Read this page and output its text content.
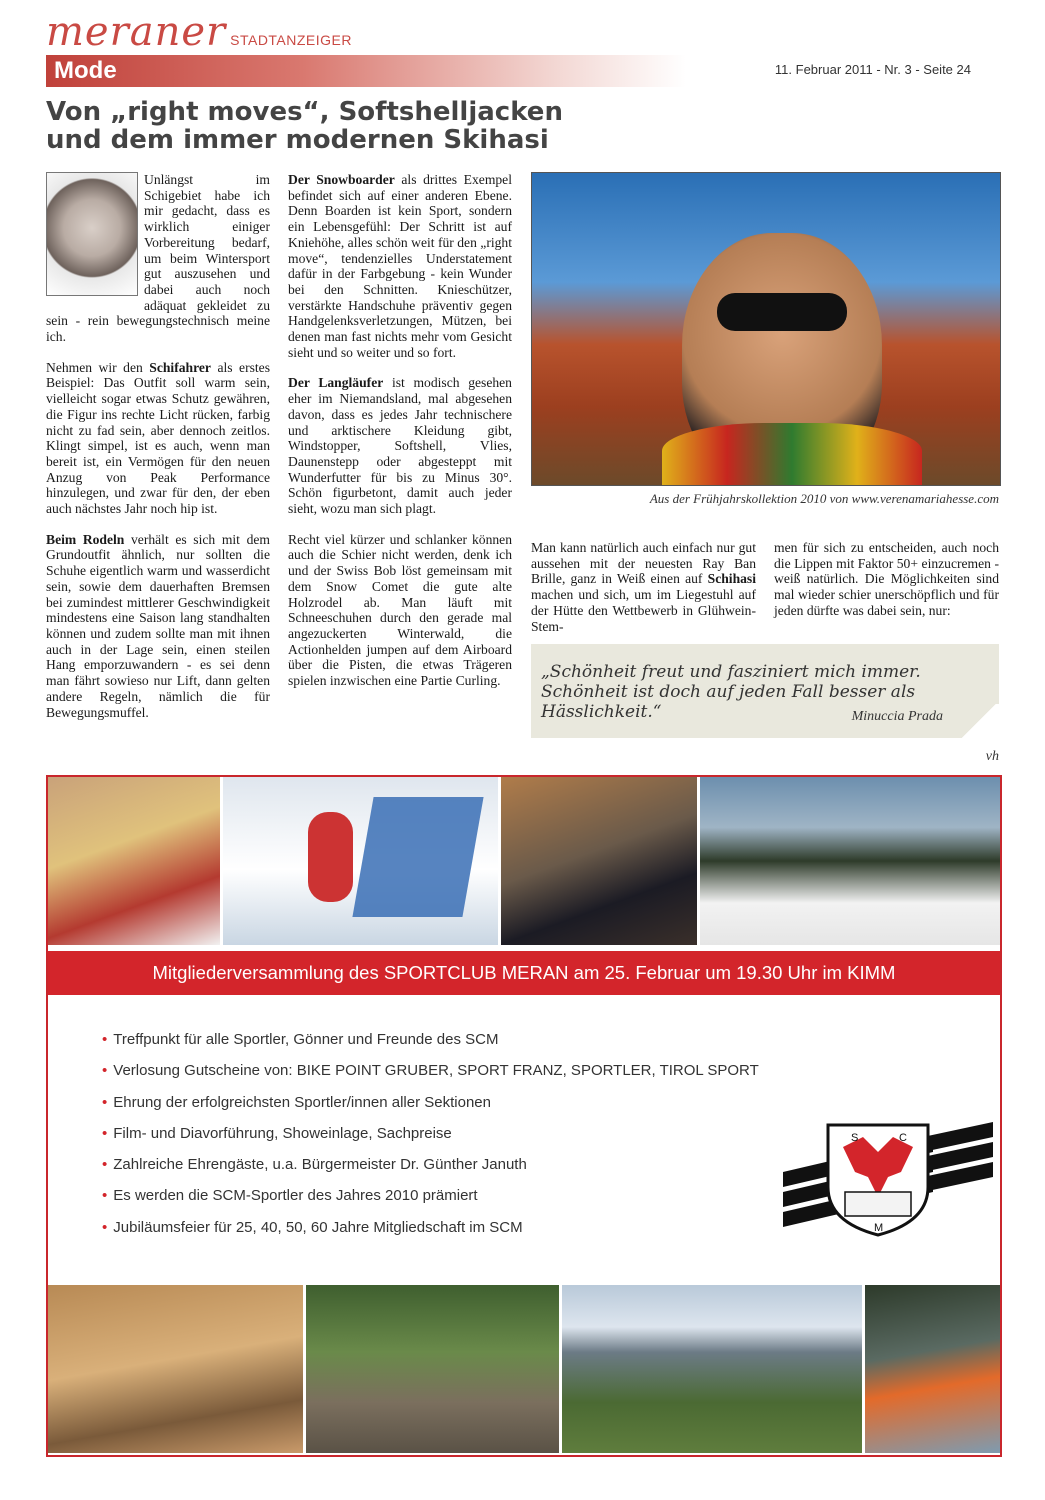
meraner STADTANZEIGER
Mode	11. Februar 2011 - Nr. 3 - Seite 24
Von „right moves“, Softshelljacken und dem immer modernen Skihasi

Unlängst im Schigebiet habe ich mir gedacht, dass es wirklich einiger Vorbereitung bedarf, um beim Wintersport gut auszusehen und dabei auch noch adäquat gekleidet zu sein - rein bewegungstechnisch meine ich.

Nehmen wir den Schifahrer als erstes Beispiel: Das Outfit soll warm sein, vielleicht sogar etwas Schutz gewähren, die Figur ins rechte Licht rücken, farbig nicht zu fad sein, aber dennoch zeitlos. Klingt simpel, ist es auch, wenn man bereit ist, ein Vermögen für den neuen Anzug von Peak Performance hinzulegen, und zwar für den, der eben auch nächstes Jahr noch hip ist.

Beim Rodeln verhält es sich mit dem Grundoutfit ähnlich, nur sollten die Schuhe eigentlich warm und wasserdicht sein, sowie dem dauerhaften Bremsen bei zumindest mittlerer Geschwindigkeit mindestens eine Saison lang standhalten können und zudem sollte man mit ihnen auch in der Lage sein, einen steilen Hang emporzuwandern - es sei denn man fährt sowieso nur Lift, dann gelten andere Regeln, nämlich die für Bewegungsmuffel.

Der Snowboarder als drittes Exempel befindet sich auf einer anderen Ebene. Denn Boarden ist kein Sport, sondern ein Lebensgefühl: Der Schritt ist auf Kniehöhe, alles schön weit für den „right move“, tendenzielles Understatement dafür in der Farbgebung - kein Wunder bei den Schnitten. Knieschützer, verstärkte Handschuhe präventiv gegen Handgelenksverletzungen, Mützen, bei denen man fast nichts mehr vom Gesicht sieht und so weiter und so fort.

Der Langläufer ist modisch gesehen eher im Niemandsland, mal abgesehen davon, dass es jedes Jahr technischere und arktischere Kleidung gibt, Windstopper, Softshell, Vlies, Daunenstepp oder abgesteppt mit Wunderfutter für bis zu Minus 30°. Schön figurbetont, damit auch jeder sieht, wozu man sich plagt.

Recht viel kürzer und schlanker können auch die Schier nicht werden, denk ich und der Swiss Bob löst gemeinsam mit dem Snow Comet die gute alte Holzrodel ab. Man läuft mit Schneeschuhen durch den gerade mal angezuckerten Winterwald, die Actionhelden jumpen auf dem Airboard über die Pisten, die etwas Trägeren spielen inzwischen eine Partie Curling.

Aus der Frühjahrskollektion 2010 von www.verenamariahesse.com

Man kann natürlich auch einfach nur gut aussehen mit der neuesten Ray Ban Brille, ganz in Weiß einen auf Schihasi machen und sich, um im Liegestuhl auf der Hütte den Wettbewerb in Glühwein-Stem-

men für sich zu entscheiden, auch noch die Lippen mit Faktor 50+ einzucremen - weiß natürlich. Die Möglichkeiten sind mal wieder schier unerschöpflich und für jeden dürfte was dabei sein, nur:
„Schönheit freut und fasziniert mich immer.
Schönheit ist doch auf jeden Fall besser als Hässlichkeit.“	Minuccia Prada
vh
Mitgliederversammlung des SPORTCLUB MERAN am 25. Februar um 19.30 Uhr im KIMM
• Treffpunkt für alle Sportler, Gönner und Freunde des SCM
• Verlosung Gutscheine von: BIKE POINT GRUBER, SPORT FRANZ, SPORTLER, TIROL SPORT
• Ehrung der erfolgreichsten Sportler/innen aller Sektionen
• Film- und Diavorführung, Showeinlage, Sachpreise
• Zahlreiche Ehrengäste, u.a. Bürgermeister Dr. Günther Januth
• Es werden die SCM-Sportler des Jahres 2010 prämiert
• Jubiläumsfeier für 25, 40, 50, 60 Jahre Mitgliedschaft im SCM
S	C
M
